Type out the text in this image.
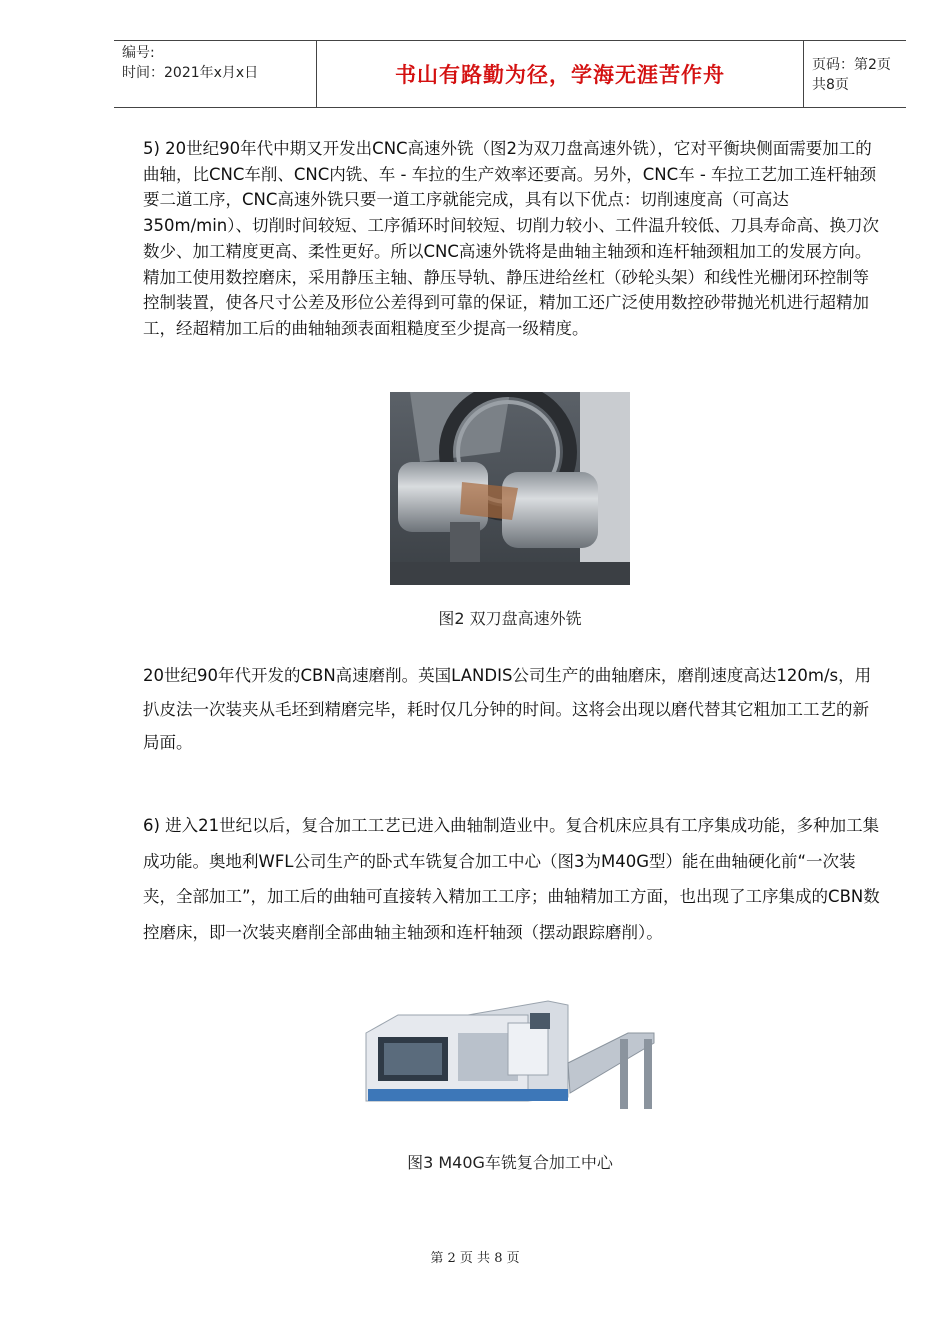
编号:
时间：2021年x月x日	书山有路勤为径，学海无涯苦作舟	页码：第2页 共8页

5) 20世纪90年代中期又开发出CNC高速外铣（图2为双刀盘高速外铣），它对平衡块侧面需要加工的曲轴，比CNC车削、CNC内铣、车 - 车拉的生产效率还要高。另外，CNC车 - 车拉工艺加工连杆轴颈要二道工序，CNC高速外铣只要一道工序就能完成，具有以下优点：切削速度高（可高达350m/min）、切削时间较短、工序循环时间较短、切削力较小、工件温升较低、刀具寿命高、换刀次数少、加工精度更高、柔性更好。所以CNC高速外铣将是曲轴主轴颈和连杆轴颈粗加工的发展方向。精加工使用数控磨床，采用静压主轴、静压导轨、静压进给丝杠（砂轮头架）和线性光栅闭环控制等控制装置，使各尺寸公差及形位公差得到可靠的保证，精加工还广泛使用数控砂带抛光机进行超精加工，经超精加工后的曲轴轴颈表面粗糙度至少提高一级精度。

图2 双刀盘高速外铣

20世纪90年代开发的CBN高速磨削。英国LANDIS公司生产的曲轴磨床，磨削速度高达120m/s，用扒皮法一次装夹从毛坯到精磨完毕，耗时仅几分钟的时间。这将会出现以磨代替其它粗加工工艺的新局面。

6) 进入21世纪以后，复合加工工艺已进入曲轴制造业中。复合机床应具有工序集成功能，多种加工集成功能。奥地利WFL公司生产的卧式车铣复合加工中心（图3为M40G型）能在曲轴硬化前“一次装夹，全部加工”，加工后的曲轴可直接转入精加工工序；曲轴精加工方面，也出现了工序集成的CBN数控磨床，即一次装夹磨削全部曲轴主轴颈和连杆轴颈（摆动跟踪磨削）。

图3 M40G车铣复合加工中心

第 2 页 共 8 页
